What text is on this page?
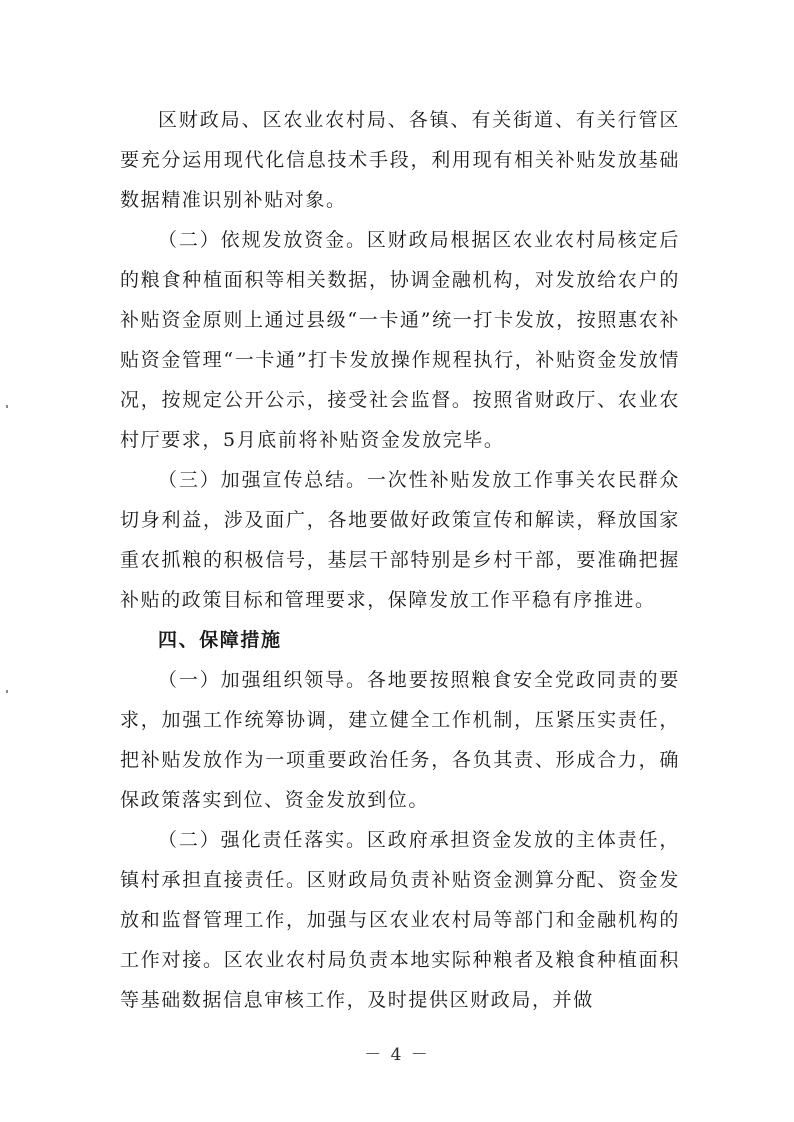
区财政局、区农业农村局、各镇、有关街道、有关行管区要充分运用现代化信息技术手段，利用现有相关补贴发放基础数据精准识别补贴对象。

（二）依规发放资金。区财政局根据区农业农村局核定后的粮食种植面积等相关数据，协调金融机构，对发放给农户的补贴资金原则上通过县级“一卡通”统一打卡发放，按照惠农补贴资金管理“一卡通”打卡发放操作规程执行，补贴资金发放情况，按规定公开公示，接受社会监督。按照省财政厅、农业农村厅要求，5月底前将补贴资金发放完毕。

（三）加强宣传总结。一次性补贴发放工作事关农民群众切身利益，涉及面广，各地要做好政策宣传和解读，释放国家重农抓粮的积极信号，基层干部特别是乡村干部，要准确把握补贴的政策目标和管理要求，保障发放工作平稳有序推进。

四、保障措施

（一）加强组织领导。各地要按照粮食安全党政同责的要求，加强工作统筹协调，建立健全工作机制，压紧压实责任，把补贴发放作为一项重要政治任务，各负其责、形成合力，确保政策落实到位、资金发放到位。

（二）强化责任落实。区政府承担资金发放的主体责任，镇村承担直接责任。区财政局负责补贴资金测算分配、资金发放和监督管理工作，加强与区农业农村局等部门和金融机构的工作对接。区农业农村局负责本地实际种粮者及粮食种植面积等基础数据信息审核工作，及时提供区财政局，并做

－ 4 －
